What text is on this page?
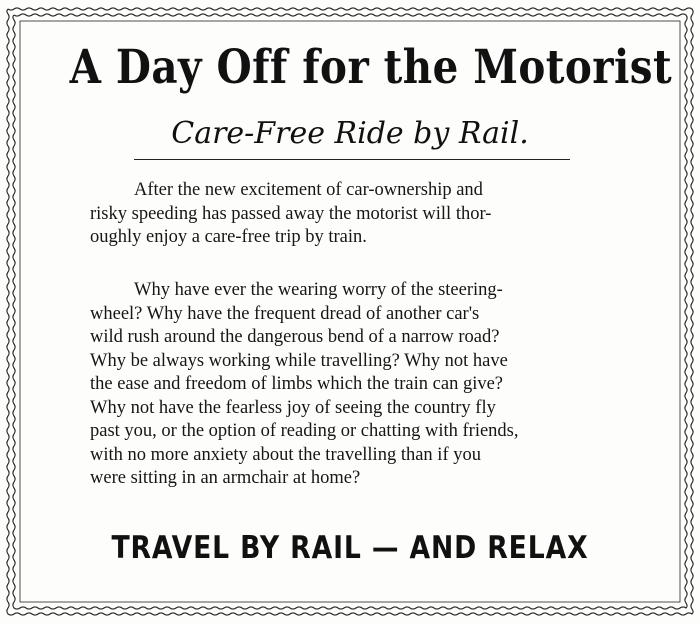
A Day Off for the Motorist
Care-Free Ride by Rail.
After the new excitement of car-ownership and
risky speeding has passed away the motorist will thor-
oughly enjoy a care-free trip by train.
Why have ever the wearing worry of the steering-
wheel? Why have the frequent dread of another car's
wild rush around the dangerous bend of a narrow road?
Why be always working while travelling? Why not have
the ease and freedom of limbs which the train can give?
Why not have the fearless joy of seeing the country fly
past you, or the option of reading or chatting with friends,
with no more anxiety about the travelling than if you
were sitting in an armchair at home?
TRAVEL BY RAIL — AND RELAX
